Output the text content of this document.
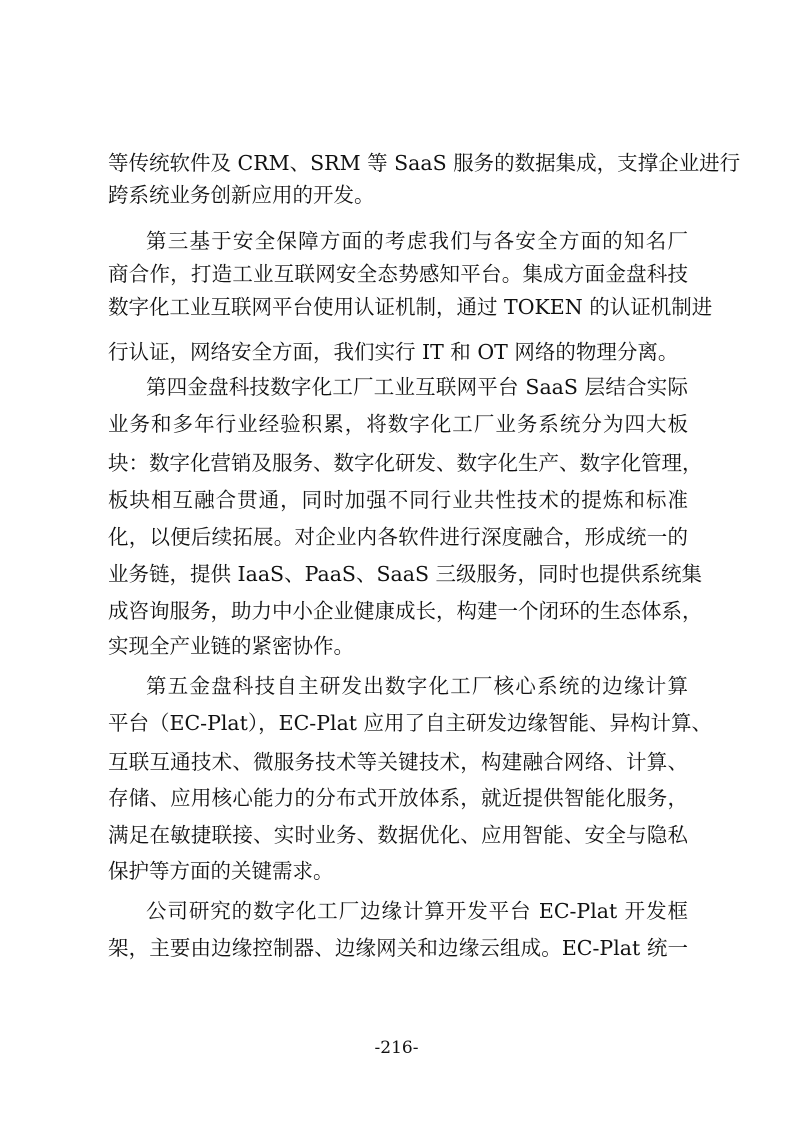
等传统软件及 CRM、SRM 等 SaaS 服务的数据集成，支撑企业进行
跨系统业务创新应用的开发。
第三基于安全保障方面的考虑我们与各安全方面的知名厂
商合作，打造工业互联网安全态势感知平台。集成方面金盘科技
数字化工业互联网平台使用认证机制，通过 TOKEN 的认证机制进
行认证，网络安全方面，我们实行 IT 和 OT 网络的物理分离。
第四金盘科技数字化工厂工业互联网平台 SaaS 层结合实际
业务和多年行业经验积累，将数字化工厂业务系统分为四大板
块：数字化营销及服务、数字化研发、数字化生产、数字化管理，
板块相互融合贯通，同时加强不同行业共性技术的提炼和标准
化，以便后续拓展。对企业内各软件进行深度融合，形成统一的
业务链，提供 IaaS、PaaS、SaaS 三级服务，同时也提供系统集
成咨询服务，助力中小企业健康成长，构建一个闭环的生态体系，
实现全产业链的紧密协作。
第五金盘科技自主研发出数字化工厂核心系统的边缘计算
平台（EC-Plat），EC-Plat 应用了自主研发边缘智能、异构计算、
互联互通技术、微服务技术等关键技术，构建融合网络、计算、
存储、应用核心能力的分布式开放体系，就近提供智能化服务，
满足在敏捷联接、实时业务、数据优化、应用智能、安全与隐私
保护等方面的关键需求。
公司研究的数字化工厂边缘计算开发平台 EC-Plat 开发框
架，主要由边缘控制器、边缘网关和边缘云组成。EC-Plat 统一
-216-
